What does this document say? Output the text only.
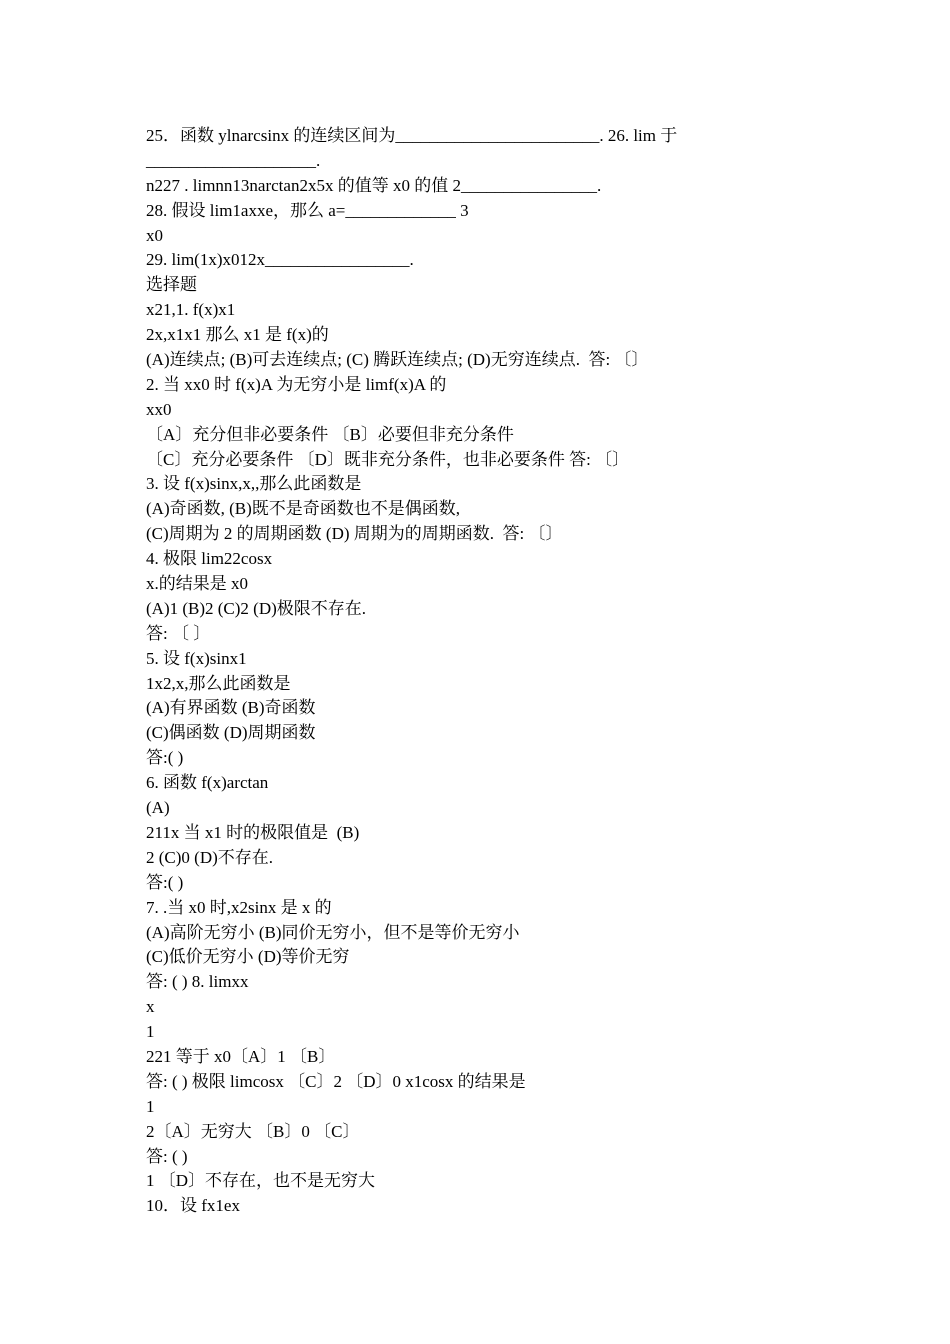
25．函数 ylnarcsinx 的连续区间为________________________. 26. lim 于
____________________.
n227 . limnn13narctan2x5x 的值等 x0 的值 2________________.
28. 假设 lim1axxe，那么 a=_____________ 3
x0
29. lim(1x)x012x_________________.
选择题
x21,1. f(x)x1
2x,x1x1 那么 x1 是 f(x)的
(A)连续点; (B)可去连续点; (C) 腾跃连续点; (D)无穷连续点.  答: 〔〕
2. 当 xx0 时 f(x)A 为无穷小是 limf(x)A 的
xx0
〔A〕充分但非必要条件 〔B〕必要但非充分条件
〔C〕充分必要条件 〔D〕既非充分条件，也非必要条件 答: 〔〕
3. 设 f(x)sinx,x,,那么此函数是
(A)奇函数, (B)既不是奇函数也不是偶函数,
(C)周期为 2 的周期函数 (D) 周期为的周期函数.  答: 〔〕
4. 极限 lim22cosx
x.的结果是 x0
(A)1 (B)2 (C)2 (D)极限不存在.
答: 〔 〕
5. 设 f(x)sinx1
1x2,x,那么此函数是
(A)有界函数 (B)奇函数
(C)偶函数 (D)周期函数
答:( )
6. 函数 f(x)arctan
(A)
211x 当 x1 时的极限值是  (B)
2 (C)0 (D)不存在.
答:( )
7. .当 x0 时,x2sinx 是 x 的
(A)高阶无穷小 (B)同价无穷小，但不是等价无穷小
(C)低价无穷小 (D)等价无穷
答: ( ) 8. limxx
x
1
221 等于 x0〔A〕1 〔B〕
答: ( ) 极限 limcosx 〔C〕2 〔D〕0 x1cosx 的结果是
1
2〔A〕无穷大 〔B〕0 〔C〕
答: ( )
1 〔D〕不存在，也不是无穷大
10．设 fx1ex
